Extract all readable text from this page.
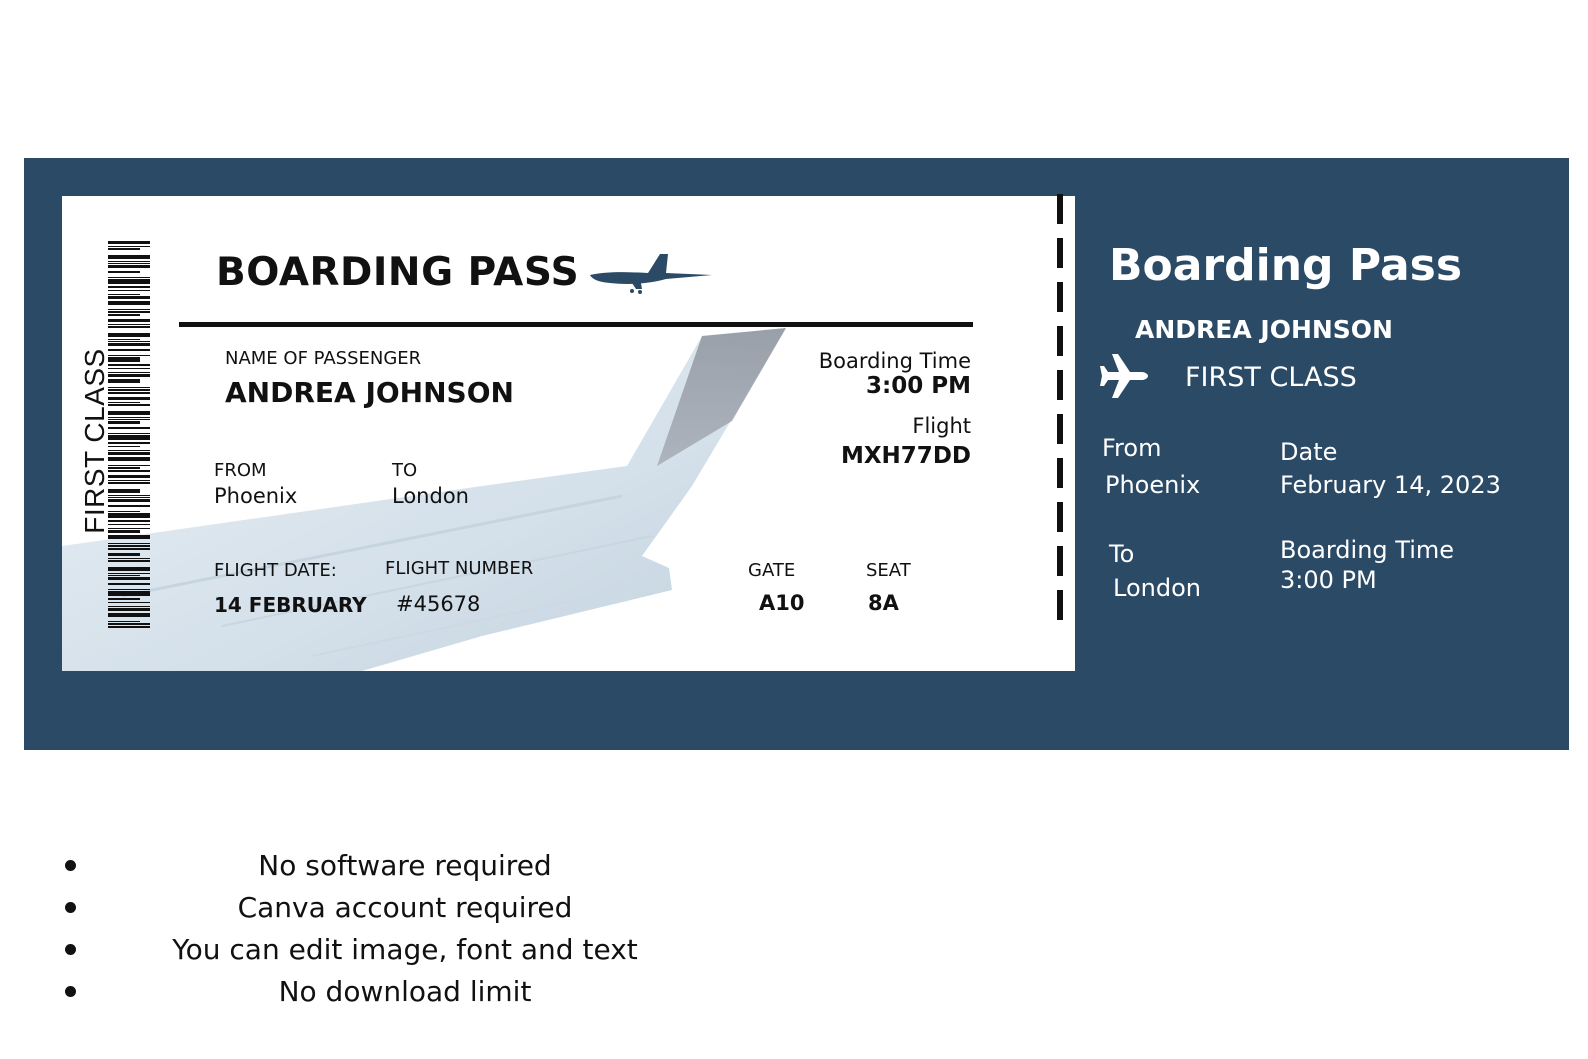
FIRST CLASS
BOARDING PASS
NAME OF PASSENGER
ANDREA JOHNSON
FROM
Phoenix
TO
London
FLIGHT DATE:
14 FEBRUARY
FLIGHT NUMBER
#45678
Boarding Time
3:00 PM
Flight
MXH77DD
GATE
A10
SEAT
8A
Boarding Pass
ANDREA JOHNSON
FIRST CLASS
From
Phoenix
Date
February 14, 2023
To
London
Boarding Time
3:00 PM
No software required
Canva account required
You can edit image, font and text
No download limit
